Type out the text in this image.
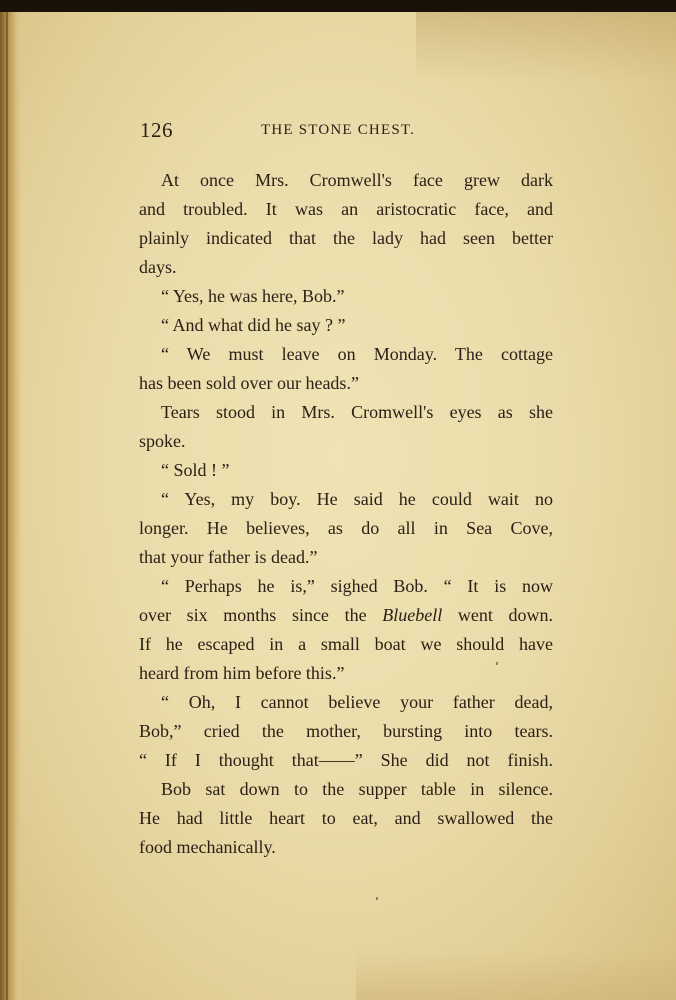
126	THE STONE CHEST.
At once Mrs. Cromwell's face grew dark
and troubled. It was an aristocratic face, and
plainly indicated that the lady had seen better
days.
“ Yes, he was here, Bob.”
“ And what did he say ? ”
“ We must leave on Monday. The cottage
has been sold over our heads.”
Tears stood in Mrs. Cromwell's eyes as she
spoke.
“ Sold ! ”
“ Yes, my boy. He said he could wait no
longer. He believes, as do all in Sea Cove,
that your father is dead.”
“ Perhaps he is,” sighed Bob. “ It is now
over six months since the Bluebell went down.
If he escaped in a small boat we should have
heard from him before this.”
“ Oh, I cannot believe your father dead,
Bob,” cried the mother, bursting into tears.
“ If I thought that——” She did not finish.
Bob sat down to the supper table in silence.
He had little heart to eat, and swallowed the
food mechanically.
